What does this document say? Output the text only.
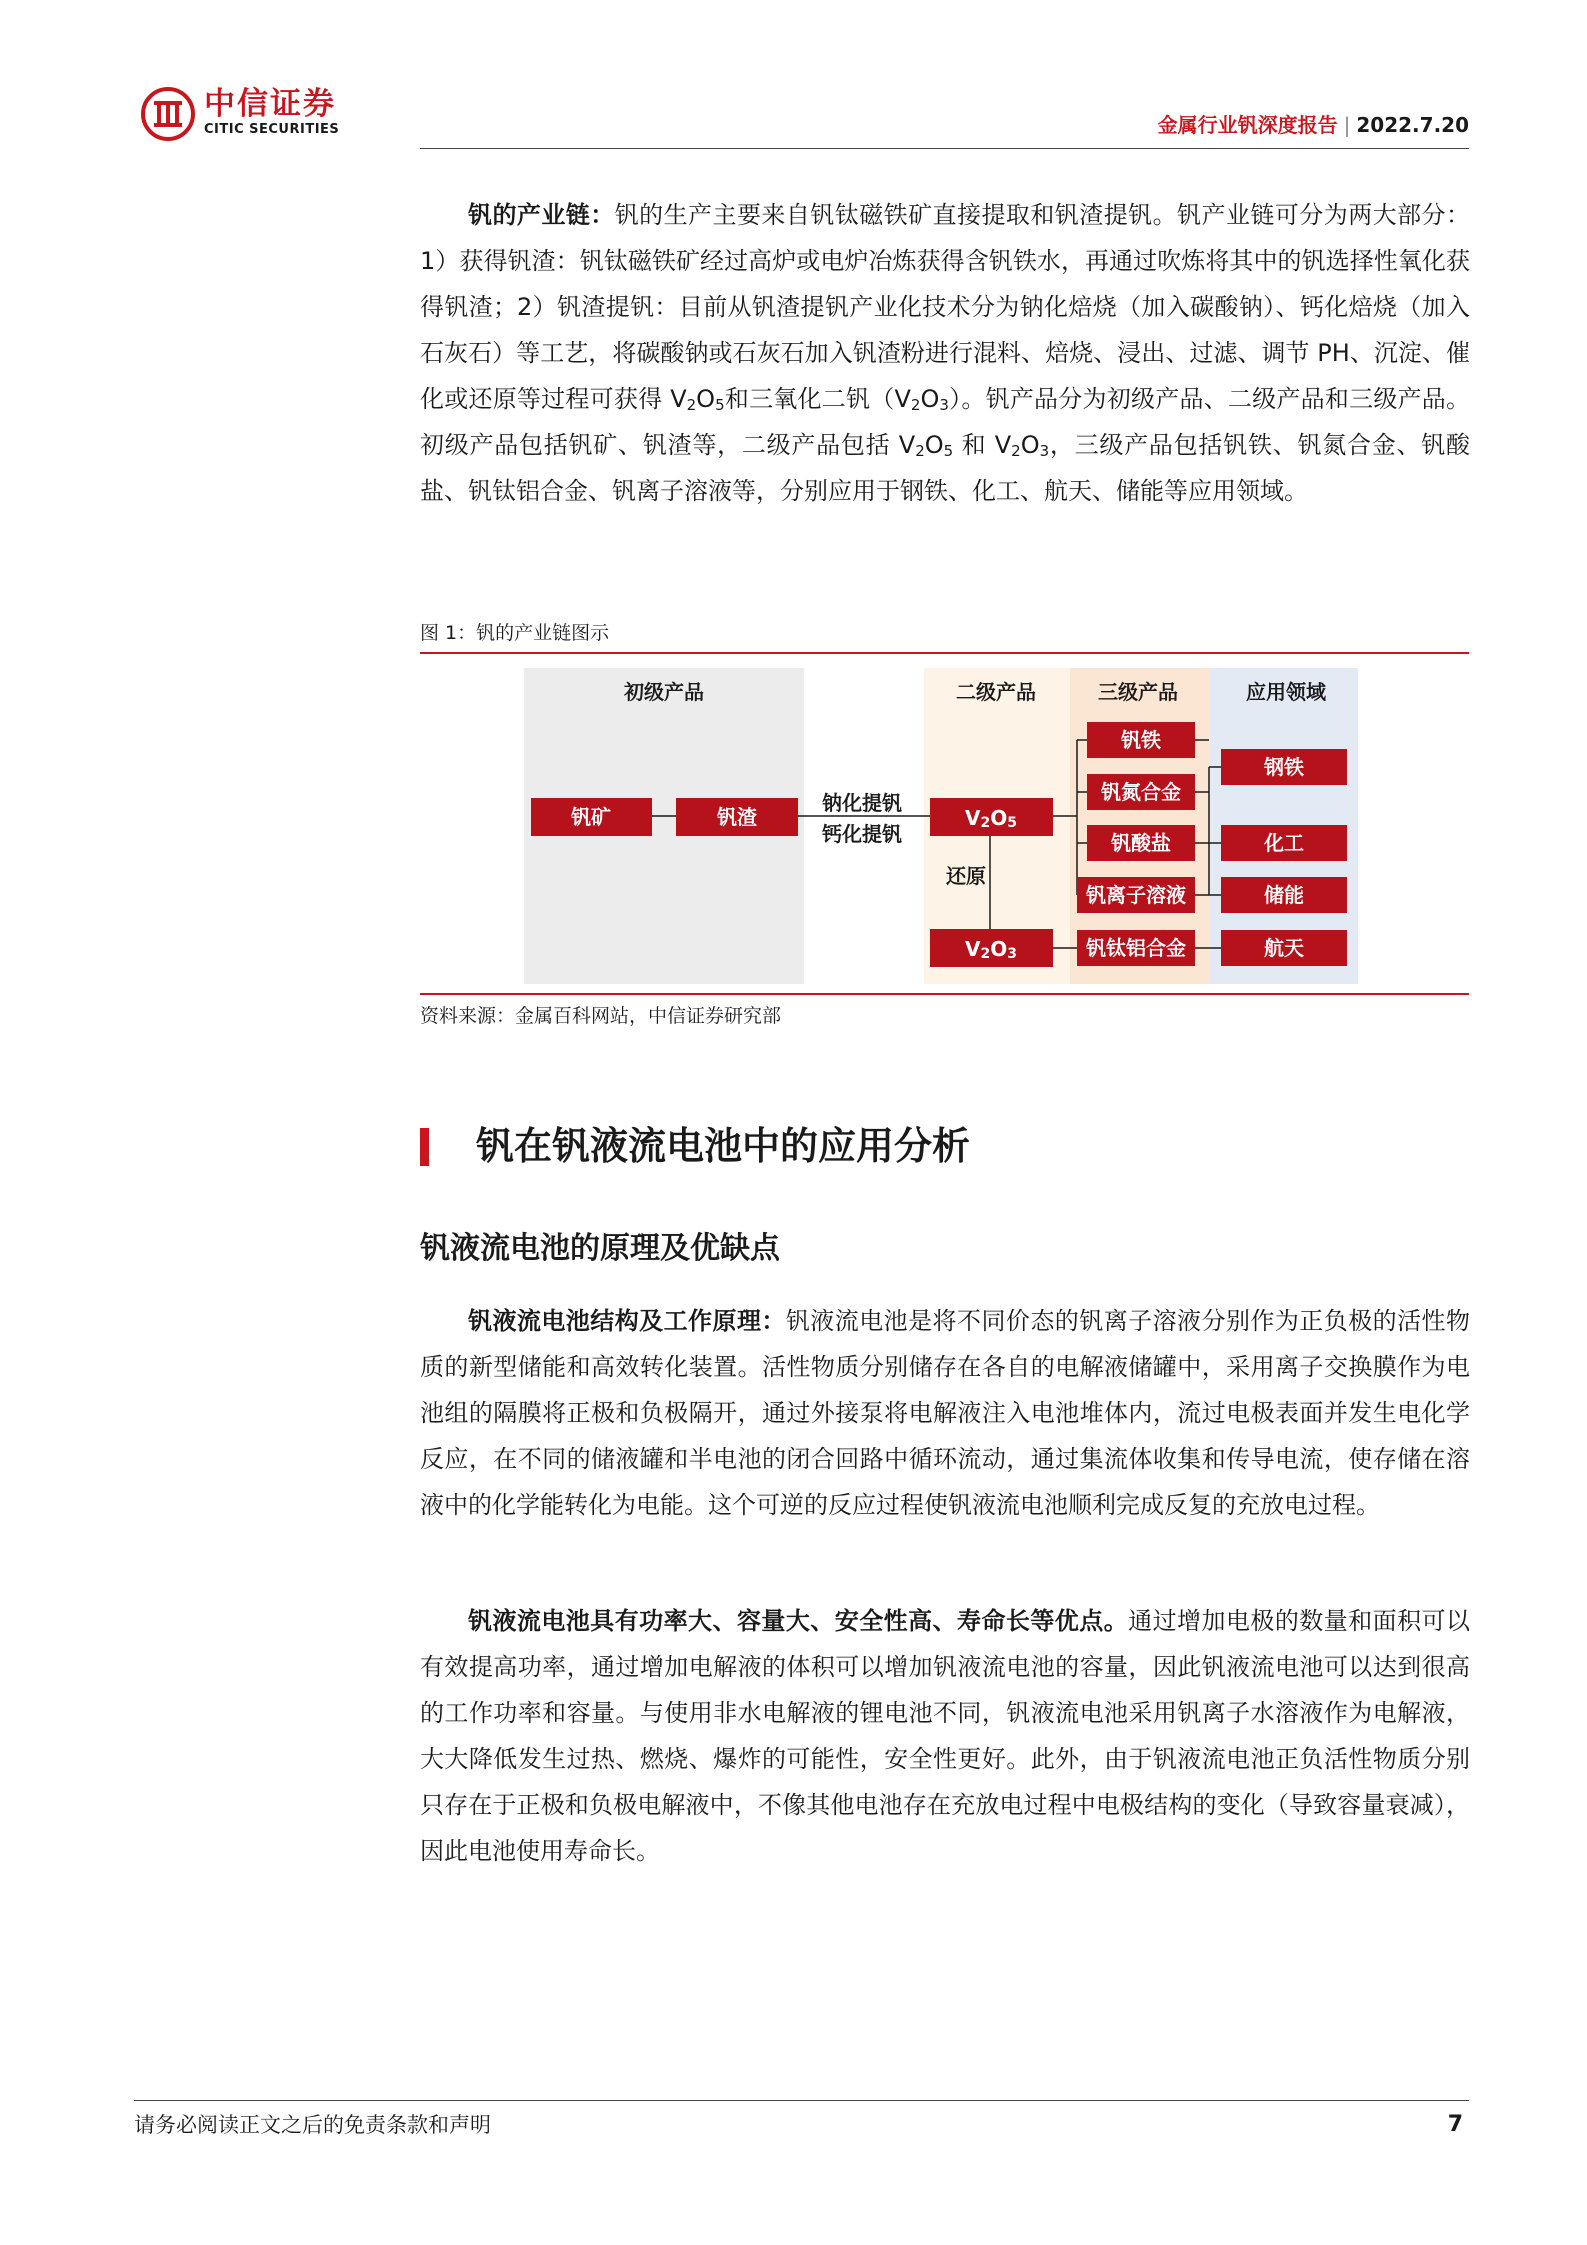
中信证券
CITIC SECURITIES	金属行业钒深度报告 | 2022.7.20
钒的产业链：钒的生产主要来自钒钛磁铁矿直接提取和钒渣提钒。钒产业链可分为两大部分：1）获得钒渣：钒钛磁铁矿经过高炉或电炉冶炼获得含钒铁水，再通过吹炼将其中的钒选择性氧化获得钒渣；2）钒渣提钒：目前从钒渣提钒产业化技术分为钠化焙烧（加入碳酸钠）、钙化焙烧（加入石灰石）等工艺，将碳酸钠或石灰石加入钒渣粉进行混料、焙烧、浸出、过滤、调节 PH、沉淀、催化或还原等过程可获得 $V_2O_5$和三氧化二钒$(V_2O_3)$。钒产品分为初级产品、二级产品和三级产品。初级产品包括钒矿、钒渣等，二级产品包括 $V_2O_5$ 和 $V_2O_3$，三级产品包括钒铁、钒氮合金、钒酸盐、钒钛铝合金、钒离子溶液等，分别应用于钢铁、化工、航天、储能等应用领域。
图 1：钒的产业链图示
初级产品	二级产品	三级产品	应用领域
钒矿	钒渣
钠化提钒
钙化提钒
还原
$V_2O_5$
$V_2O_3$
钒铁
钒氮合金
钒酸盐
钒离子溶液
钒钛铝合金
钢铁
化工
储能
航天
资料来源：金属百科网站，中信证券研究部
钒在钒液流电池中的应用分析
钒液流电池的原理及优缺点
钒液流电池结构及工作原理：钒液流电池是将不同价态的钒离子溶液分别作为正负极的活性物质的新型储能和高效转化装置。活性物质分别储存在各自的电解液储罐中，采用离子交换膜作为电池组的隔膜将正极和负极隔开，通过外接泵将电解液注入电池堆体内，流过电极表面并发生电化学反应，在不同的储液罐和半电池的闭合回路中循环流动，通过集流体收集和传导电流，使存储在溶液中的化学能转化为电能。这个可逆的反应过程使钒液流电池顺利完成反复的充放电过程。
钒液流电池具有功率大、容量大、安全性高、寿命长等优点。通过增加电极的数量和面积可以有效提高功率，通过增加电解液的体积可以增加钒液流电池的容量，因此钒液流电池可以达到很高的工作功率和容量。与使用非水电解液的锂电池不同，钒液流电池采用钒离子水溶液作为电解液，大大降低发生过热、燃烧、爆炸的可能性，安全性更好。此外，由于钒液流电池正负活性物质分别只存在于正极和负极电解液中，不像其他电池存在充放电过程中电极结构的变化（导致容量衰减），因此电池使用寿命长。
请务必阅读正文之后的免责条款和声明	7
